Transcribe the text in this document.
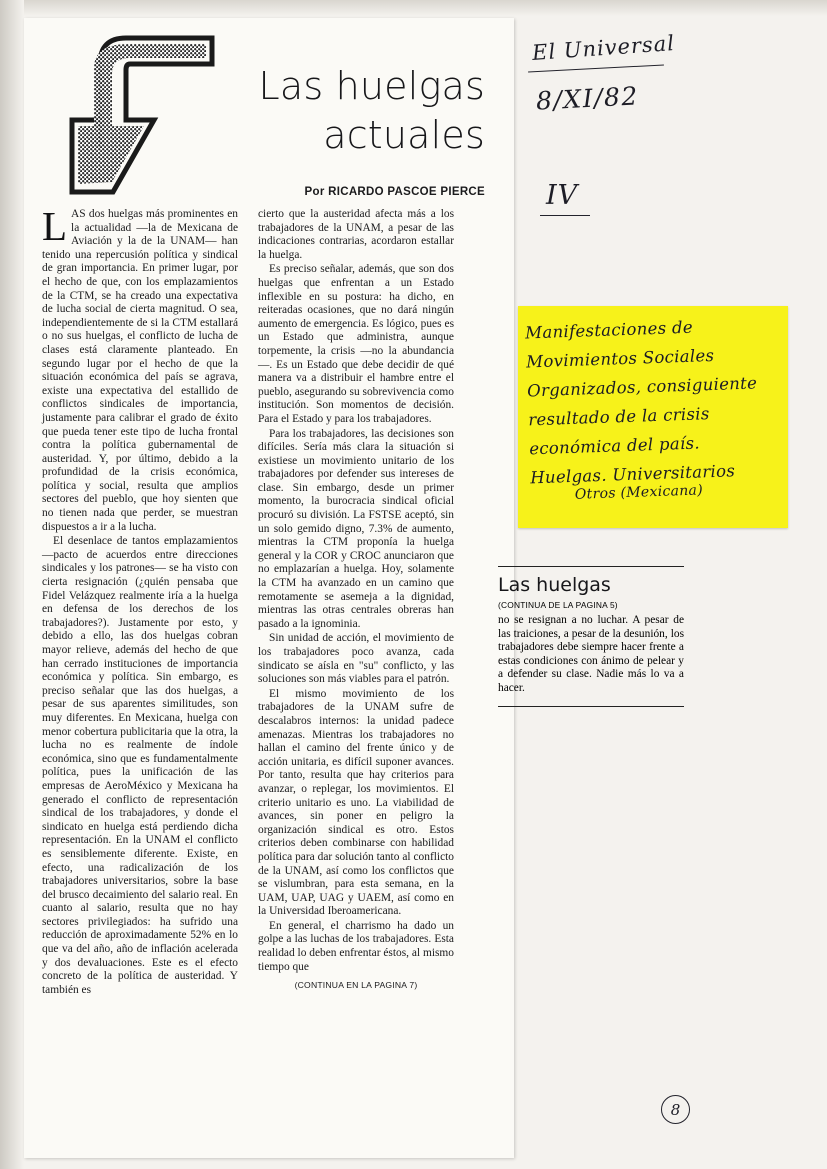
Las huelgas
actuales
Por RICARDO PASCOE PIERCE

LAS dos huelgas más prominentes en la actualidad —la de Mexicana de Aviación y la de la UNAM— han tenido una repercusión política y sindical de gran importancia. En primer lugar, por el hecho de que, con los emplazamientos de la CTM, se ha creado una expectativa de lucha social de cierta magnitud. O sea, independientemente de si la CTM estallará o no sus huelgas, el conflicto de lucha de clases está claramente planteado. En segundo lugar por el hecho de que la situación económica del país se agrava, existe una expectativa del estallido de conflictos sindicales de importancia, justamente para calibrar el grado de éxito que pueda tener este tipo de lucha frontal contra la política gubernamental de austeridad. Y, por último, debido a la profundidad de la crisis económica, política y social, resulta que amplios sectores del pueblo, que hoy sienten que no tienen nada que perder, se muestran dispuestos a ir a la lucha.

El desenlace de tantos emplazamientos —pacto de acuerdos entre direcciones sindicales y los patrones— se ha visto con cierta resignación (¿quién pensaba que Fidel Velázquez realmente iría a la huelga en defensa de los derechos de los trabajadores?). Justamente por esto, y debido a ello, las dos huelgas cobran mayor relieve, además del hecho de que han cerrado instituciones de importancia económica y política. Sin embargo, es preciso señalar que las dos huelgas, a pesar de sus aparentes similitudes, son muy diferentes. En Mexicana, huelga con menor cobertura publicitaria que la otra, la lucha no es realmente de índole económica, sino que es fundamentalmente política, pues la unificación de las empresas de AeroMéxico y Mexicana ha generado el conflicto de representación sindical de los trabajadores, y donde el sindicato en huelga está perdiendo dicha representación. En la UNAM el conflicto es sensiblemente diferente. Existe, en efecto, una radicalización de los trabajadores universitarios, sobre la base del brusco decaimiento del salario real. En cuanto al salario, resulta que no hay sectores privilegiados: ha sufrido una reducción de aproximadamente 52% en lo que va del año, año de inflación acelerada y dos devaluaciones. Este es el efecto concreto de la política de austeridad. Y también es

cierto que la austeridad afecta más a los trabajadores de la UNAM, a pesar de las indicaciones contrarias, acordaron estallar la huelga.

Es preciso señalar, además, que son dos huelgas que enfrentan a un Estado inflexible en su postura: ha dicho, en reiteradas ocasiones, que no dará ningún aumento de emergencia. Es lógico, pues es un Estado que administra, aunque torpemente, la crisis —no la abundancia—. Es un Estado que debe decidir de qué manera va a distribuir el hambre entre el pueblo, asegurando su sobrevivencia como institución. Son momentos de decisión. Para el Estado y para los trabajadores.

Para los trabajadores, las decisiones son difíciles. Sería más clara la situación si existiese un movimiento unitario de los trabajadores por defender sus intereses de clase. Sin embargo, desde un primer momento, la burocracia sindical oficial procuró su división. La FSTSE aceptó, sin un solo gemido digno, 7.3% de aumento, mientras la CTM proponía la huelga general y la COR y CROC anunciaron que no emplazarían a huelga. Hoy, solamente la CTM ha avanzado en un camino que remotamente se asemeja a la dignidad, mientras las otras centrales obreras han pasado a la ignominia.

Sin unidad de acción, el movimiento de los trabajadores poco avanza, cada sindicato se aísla en "su" conflicto, y las soluciones son más viables para el patrón.

El mismo movimiento de los trabajadores de la UNAM sufre de descalabros internos: la unidad padece amenazas. Mientras los trabajadores no hallan el camino del frente único y de acción unitaria, es difícil suponer avances. Por tanto, resulta que hay criterios para avanzar, o replegar, los movimientos. El criterio unitario es uno. La viabilidad de avances, sin poner en peligro la organización sindical es otro. Estos criterios deben combinarse con habilidad política para dar solución tanto al conflicto de la UNAM, así como los conflictos que se vislumbran, para esta semana, en la UAM, UAP, UAG y UAEM, así como en la Universidad Iberoamericana.

En general, el charrismo ha dado un golpe a las luchas de los trabajadores. Esta realidad lo deben enfrentar éstos, al mismo tiempo que

(CONTINUA EN LA PAGINA 7)
Las huelgas
(CONTINUA DE LA PAGINA 5)
no se resignan a no luchar. A pesar de las traiciones, a pesar de la desunión, los trabajadores debe siempre hacer frente a estas condiciones con ánimo de pelear y a defender su clase. Nadie más lo va a hacer.
El Universal
8/XI/82
IV
8
Manifestaciones de
Movimientos Sociales
Organizados, consiguiente
resultado de la crisis
económica del país.
Huelgas. Universitarios
Otros (Mexicana)
